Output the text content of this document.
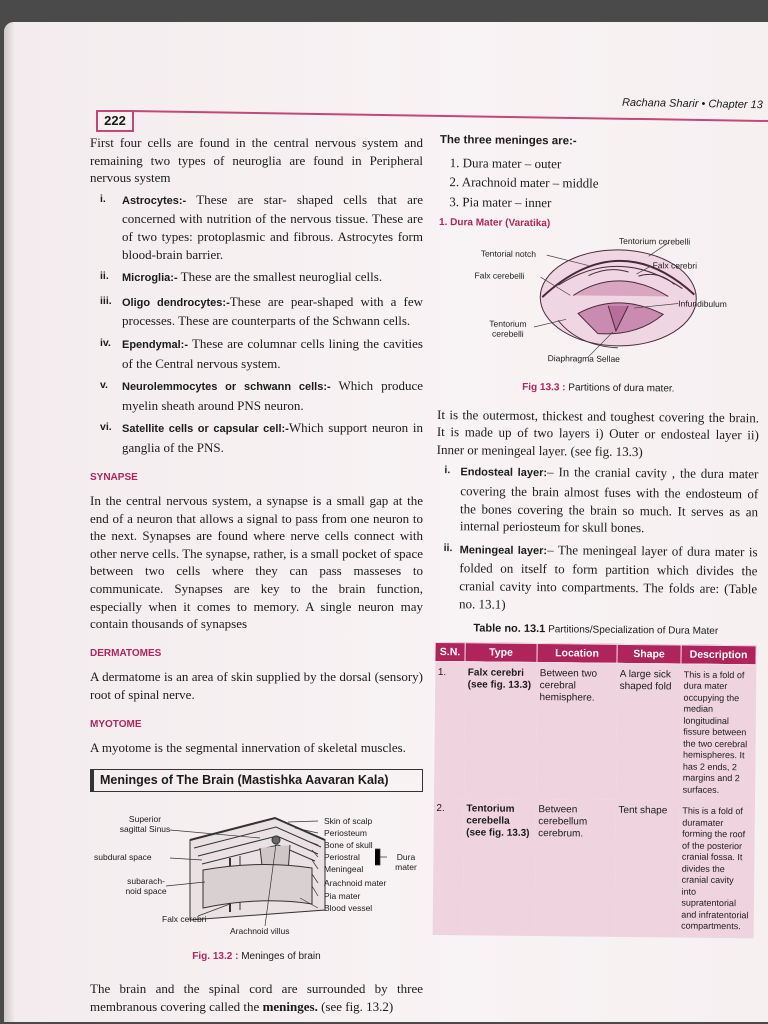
222
Rachana Sharir • Chapter 13

First four cells are found in the central nervous system and remaining two types of neuroglia are found in Peripheral nervous system

i. Astrocytes:- These are star- shaped cells that are concerned with nutrition of the nervous tissue. These are of two types: protoplasmic and fibrous. Astrocytes form blood-brain barrier.
ii. Microglia:- These are the smallest neuroglial cells.
iii. Oligo dendrocytes:-These are pear-shaped with a few processes. These are counterparts of the Schwann cells.
iv. Ependymal:- These are columnar cells lining the cavities of the Central nervous system.
v. Neurolemmocytes or schwann cells:- Which produce myelin sheath around PNS neuron.
vi. Satellite cells or capsular cell:-Which support neuron in ganglia of the PNS.
SYNAPSE

In the central nervous system, a synapse is a small gap at the end of a neuron that allows a signal to pass from one neuron to the next. Synapses are found where nerve cells connect with other nerve cells. The synapse, rather, is a small pocket of space between two cells where they can pass masseses to communicate. Synapses are key to the brain function, especially when it comes to memory. A single neuron may contain thousands of synapses

DERMATOMES

A dermatome is an area of skin supplied by the dorsal (sensory) root of spinal nerve.

MYOTOME

A myotome is the segmental innervation of skeletal muscles.

Meninges of The Brain (Mastishka Aavaran Kala)
Superior sagittal Sinus
subdural space
subarach-noid space
Falx cerebri
Skin of scalp
Periosteum
Bone of skull
Periostral
Meningeal
Dura mater
Arachnoid mater
Pia mater
Blood vessel
Arachnoid villus
Fig. 13.2 : Meninges of brain

The brain and the spinal cord are surrounded by three membranous covering called the meninges. (see fig. 13.2)

The three meninges are:-
1. Dura mater – outer
2. Arachnoid mater – middle
3. Pia mater – inner
1. Dura Mater (Varatika)
Tentorium cerebelli
Tentorial notch
Falx cerebri
Falx cerebelli
Infundibulum
Tentorium cerebelli
Diaphragma Sellae
Fig 13.3 : Partitions of dura mater.

It is the outermost, thickest and toughest covering the brain. It is made up of two layers i) Outer or endosteal layer ii) Inner or meningeal layer. (see fig. 13.3)

i. Endosteal layer:– In the cranial cavity , the dura mater covering the brain almost fuses with the endosteum of the bones covering the brain so much. It serves as an internal periosteum for skull bones.
ii. Meningeal layer:– The meningeal layer of dura mater is folded on itself to form partition which divides the cranial cavity into compartments. The folds are: (Table no. 13.1)
Table no. 13.1 Partitions/Specialization of Dura Mater
S.N.	Type	Location	Shape	Description
1.	Falx cerebri (see fig. 13.3)	Between two cerebral hemisphere.	A large sick shaped fold	This is a fold of dura mater occupying the median longitudinal fissure between the two cerebral hemispheres. It has 2 ends, 2 margins and 2 surfaces.
2.	Tentorium cerebella (see fig. 13.3)	Between cerebellum cerebrum.	Tent shape	This is a fold of duramater forming the roof of the posterior cranial fossa. It divides the cranial cavity into supratentorial and infratentorial compartments.
